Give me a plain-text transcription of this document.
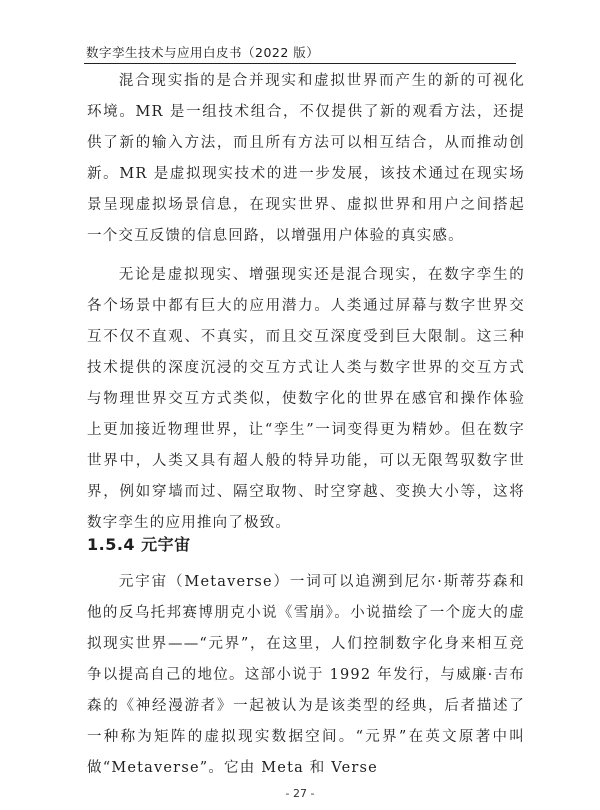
数字孪生技术与应用白皮书（2022 版）

混合现实指的是合并现实和虚拟世界而产生的新的可视化环境。MR 是一组技术组合，不仅提供了新的观看方法，还提供了新的输入方法，而且所有方法可以相互结合，从而推动创新。MR 是虚拟现实技术的进一步发展，该技术通过在现实场景呈现虚拟场景信息，在现实世界、虚拟世界和用户之间搭起一个交互反馈的信息回路，以增强用户体验的真实感。

无论是虚拟现实、增强现实还是混合现实，在数字孪生的各个场景中都有巨大的应用潜力。人类通过屏幕与数字世界交互不仅不直观、不真实，而且交互深度受到巨大限制。这三种技术提供的深度沉浸的交互方式让人类与数字世界的交互方式与物理世界交互方式类似，使数字化的世界在感官和操作体验上更加接近物理世界，让“孪生”一词变得更为精妙。但在数字世界中，人类又具有超人般的特异功能，可以无限驾驭数字世界，例如穿墙而过、隔空取物、时空穿越、变换大小等，这将数字孪生的应用推向了极致。

1.5.4 元宇宙

元宇宙（Metaverse）一词可以追溯到尼尔·斯蒂芬森和他的反乌托邦赛博朋克小说《雪崩》。小说描绘了一个庞大的虚拟现实世界——“元界”，在这里，人们控制数字化身来相互竞争以提高自己的地位。这部小说于 1992 年发行，与威廉·吉布森的《神经漫游者》一起被认为是该类型的经典，后者描述了一种称为矩阵的虚拟现实数据空间。“元界”在英文原著中叫做“Metaverse”。它由 Meta 和 Verse

- 27 -
